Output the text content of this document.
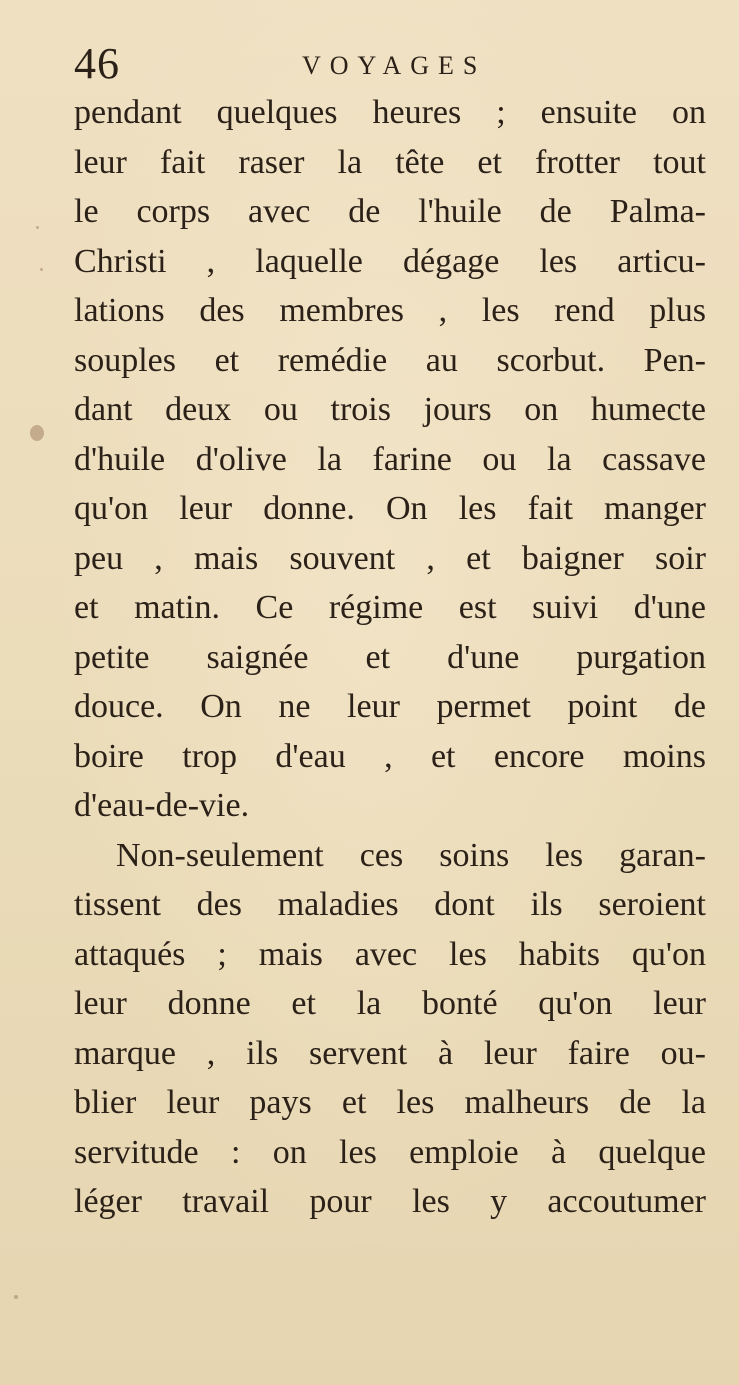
46	VOYAGES
pendant quelques heures ; ensuite on
leur fait raser la tête et frotter tout
le corps avec de l'huile de Palma-
Christi , laquelle dégage les articu-
lations des membres , les rend plus
souples et remédie au scorbut. Pen-
dant deux ou trois jours on humecte
d'huile d'olive la farine ou la cassave
qu'on leur donne. On les fait manger
peu , mais souvent , et baigner soir
et matin. Ce régime est suivi d'une
petite saignée et d'une purgation
douce. On ne leur permet point de
boire trop d'eau , et encore moins
d'eau-de-vie.
Non-seulement ces soins les garan-
tissent des maladies dont ils seroient
attaqués ; mais avec les habits qu'on
leur donne et la bonté qu'on leur
marque , ils servent à leur faire ou-
blier leur pays et les malheurs de la
servitude : on les emploie à quelque
léger travail pour les y accoutumer
